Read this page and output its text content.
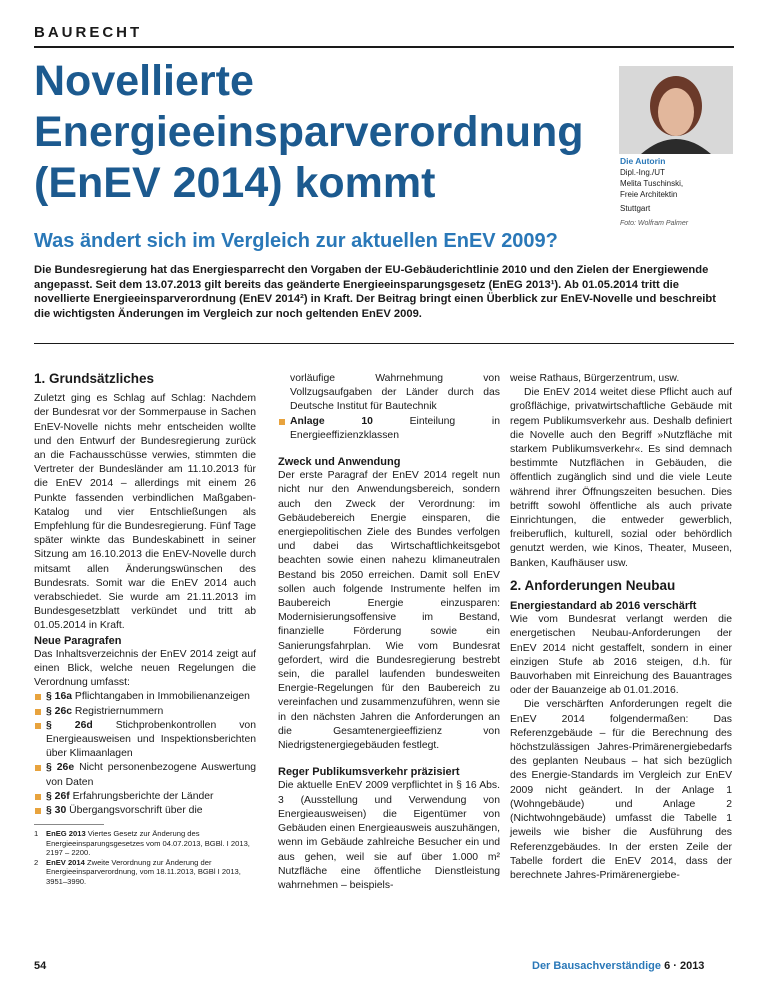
BAURECHT
Novellierte
Energieeinsparverordnung
(EnEV 2014) kommt	Die Autorin
Dipl.-Ing./UT
Melita Tuschinski,
Freie Architektin
Stuttgart
Foto: Wolfram Palmer
Was ändert sich im Vergleich zur aktuellen EnEV 2009?
Die Bundesregierung hat das Energiesparrecht den Vorgaben der EU-Gebäuderichtlinie 2010 und den Zielen der Energiewende angepasst. Seit dem 13.07.2013 gilt bereits das geänderte Energieeinsparungsgesetz (EnEG 2013¹). Ab 01.05.2014 tritt die novellierte Energieeinsparverordnung (EnEV 2014²) in Kraft. Der Beitrag bringt einen Überblick zur EnEV-Novelle und beschreibt die wichtigsten Änderungen im Vergleich zur noch geltenden EnEV 2009.
1. Grundsätzliches

Zuletzt ging es Schlag auf Schlag: Nachdem der Bundesrat vor der Sommerpause in Sachen EnEV-Novelle nichts mehr entscheiden wollte und den Entwurf der Bundesregierung zurück an die Fachausschüsse verwies, stimmten die Vertreter der Bundesländer am 11.10.2013 für die EnEV 2014 – allerdings mit einem 26 Punkte fassenden verbindlichen Maßgaben-Katalog und vier Entschließungen als Empfehlung für die Bundesregierung. Fünf Tage später winkte das Bundeskabinett in seiner Sitzung am 16.10.2013 die EnEV-Novelle durch mitsamt allen Änderungswünschen des Bundesrats. Somit war die EnEV 2014 auch verabschiedet. Sie wurde am 21.11.2013 im Bundesgesetzblatt verkündet und tritt ab 01.05.2014 in Kraft.

Neue Paragrafen

Das Inhaltsverzeichnis der EnEV 2014 zeigt auf einen Blick, welche neuen Regelungen die Verordnung umfasst:

§ 16a Pflichtangaben in Immobilienanzeigen
§ 26c Registriernummern
§ 26d Stichprobenkontrollen von Energieausweisen und Inspektionsberichten über Klimaanlagen
§ 26e Nicht personenbezogene Auswertung von Daten
§ 26f Erfahrungsberichte der Länder
§ 30 Übergangsvorschrift über die
1 EnEG 2013 Viertes Gesetz zur Änderung des Energieeinsparungsgesetzes vom 04.07.2013, BGBl. I 2013, 2197 – 2200.
2 EnEV 2014 Zweite Verordnung zur Änderung der Energieeinsparverordnung, vom 18.11.2013, BGBl I 2013, 3951–3990.

vorläufige Wahrnehmung von Vollzugsaufgaben der Länder durch das Deutsche Institut für Bautechnik

Anlage 10 Einteilung in Energieeffizienzklassen
Zweck und Anwendung

Der erste Paragraf der EnEV 2014 regelt nun nicht nur den Anwendungsbereich, sondern auch den Zweck der Verordnung: im Gebäudebereich Energie einsparen, die energiepolitischen Ziele des Bundes verfolgen und dabei das Wirtschaftlichkeitsgebot beachten sowie einen nahezu klimaneutralen Bestand bis 2050 erreichen. Damit soll EnEV sollen auch folgende Instrumente helfen im Baubereich Energie einzusparen: Modernisierungsoffensive im Bestand, finanzielle Förderung sowie ein Sanierungsfahrplan. Wie vom Bundesrat gefordert, wird die Bundesregierung bestrebt sein, die parallel laufenden bundesweiten Energie-Regelungen für den Baubereich zu vereinfachen und zusammenzuführen, wenn sie in den nächsten Jahren die Anforderungen an die Gesamtenergieeffizienz von Niedrigstenergiegebäuden festlegt.

Reger Publikumsverkehr präzisiert

Die aktuelle EnEV 2009 verpflichtet in § 16 Abs. 3 (Ausstellung und Verwendung von Energieausweisen) die Eigentümer von Gebäuden einen Energieausweis auszuhängen, wenn im Gebäude zahlreiche Besucher ein und aus gehen, weil sie auf über 1.000 m² Nutzfläche eine öffentliche Dienstleistung wahrnehmen – beispiels-

weise Rathaus, Bürgerzentrum, usw.

Die EnEV 2014 weitet diese Pflicht auch auf großflächige, privatwirtschaftliche Gebäude mit regem Publikumsverkehr aus. Deshalb definiert die Novelle auch den Begriff »Nutzfläche mit starkem Publikumsverkehr«. Es sind demnach bestimmte Nutzflächen in Gebäuden, die öffentlich zugänglich sind und die viele Leute während ihrer Öffnungszeiten besuchen. Dies betrifft sowohl öffentliche als auch private Einrichtungen, die entweder gewerblich, freiberuflich, kulturell, sozial oder behördlich genutzt werden, wie Kinos, Theater, Museen, Banken, Kaufhäuser usw.

2. Anforderungen Neubau
Energiestandard ab 2016 verschärft

Wie vom Bundesrat verlangt werden die energetischen Neubau-Anforderungen der EnEV 2014 nicht gestaffelt, sondern in einer einzigen Stufe ab 2016 steigen, d.h. für Bauvorhaben mit Einreichung des Bauantrages oder der Bauanzeige ab 01.01.2016.

Die verschärften Anforderungen regelt die EnEV 2014 folgendermaßen: Das Referenzgebäude – für die Berechnung des höchstzulässigen Jahres-Primärenergiebedarfs des geplanten Neubaus – hat sich bezüglich des Energie-Standards im Vergleich zur EnEV 2009 nicht geändert. In der Anlage 1 (Wohngebäude) und Anlage 2 (Nichtwohngebäude) umfasst die Tabelle 1 jeweils wie bisher die Ausführung des Referenzgebäudes. In der ersten Zeile der Tabelle fordert die EnEV 2014, dass der berechnete Jahres-Primärenergiebe-

54	Der Bausachverständige 6 · 2013
